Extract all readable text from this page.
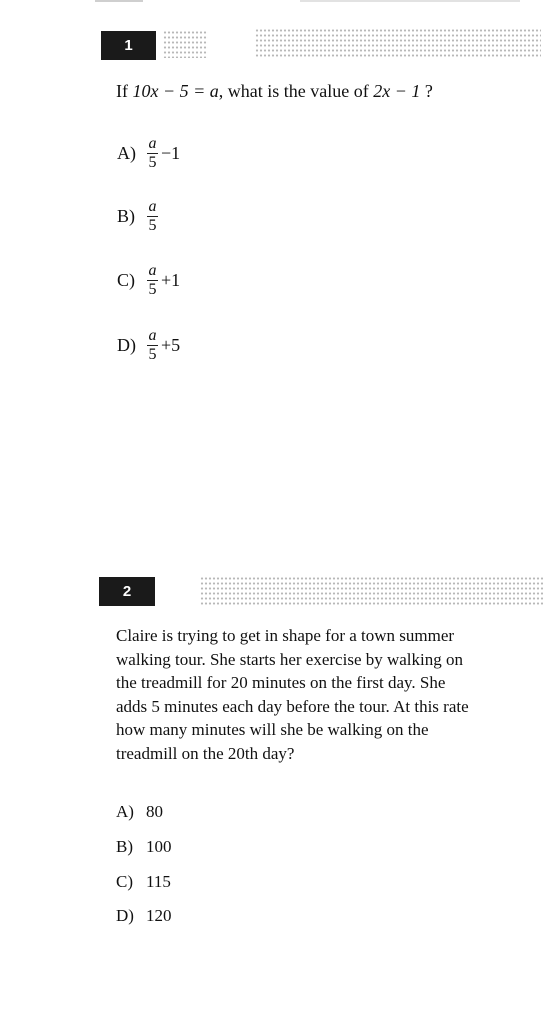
1
If 10x − 5 = a, what is the value of 2x − 1 ?
$A) \frac{a}{5} -1$
$B) \frac{a}{5}$
$C) \frac{a}{5} +1$
$D) \frac{a}{5} +5$
2
Claire is trying to get in shape for a town summer
walking tour. She starts her exercise by walking on
the treadmill for 20 minutes on the first day. She
adds 5 minutes each day before the tour. At this rate
how many minutes will she be walking on the
treadmill on the 20th day?
A) 80
B) 100
C) 115
D) 120
